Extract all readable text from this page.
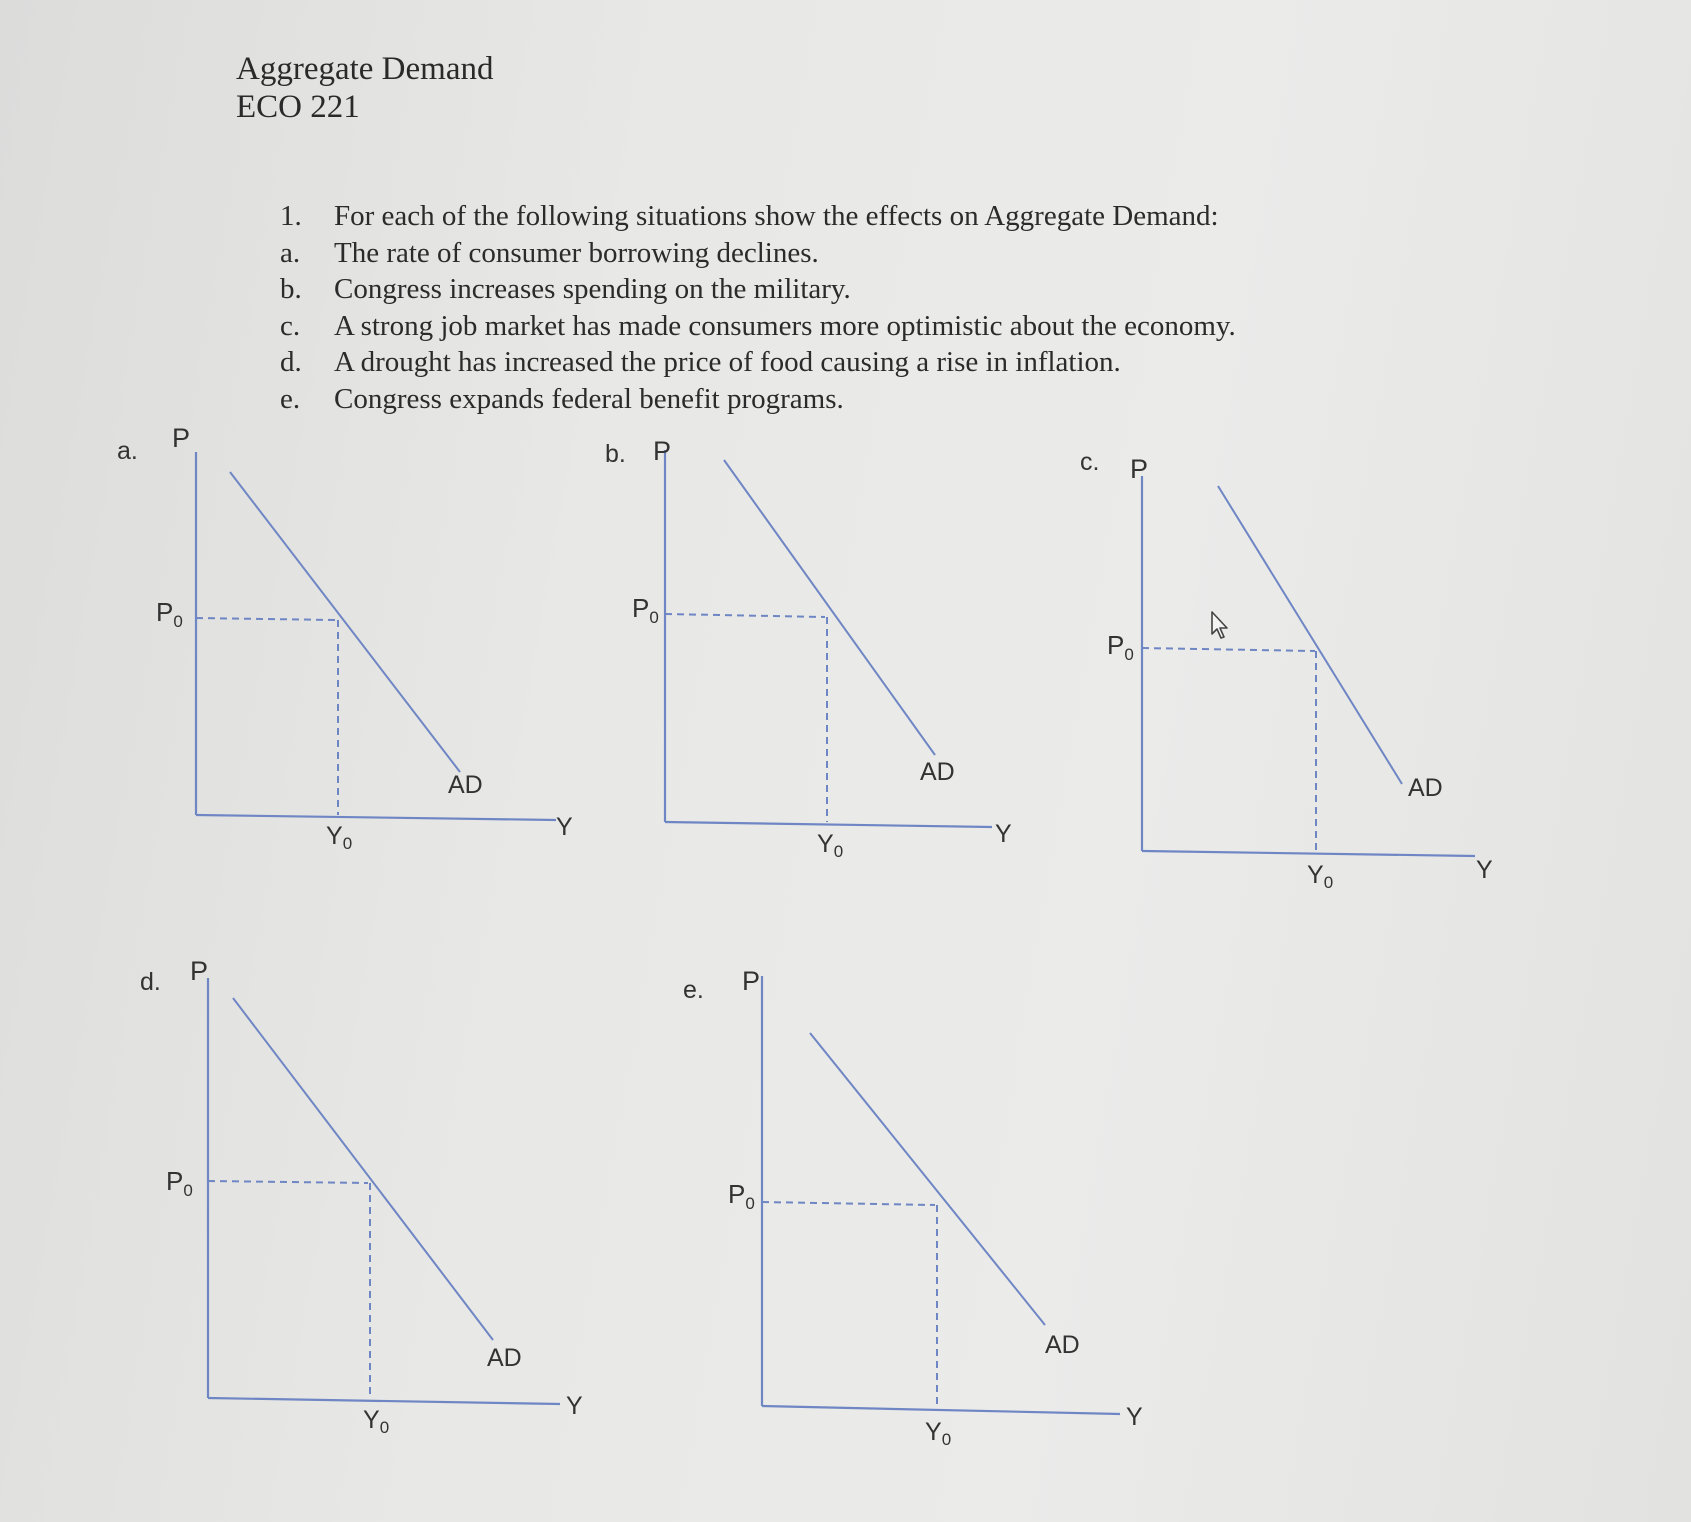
Aggregate Demand
ECO 221
1.	For each of the following situations show the effects on Aggregate Demand:
a.	The rate of consumer borrowing declines.
b.	Congress increases spending on the military.
c.	A strong job market has made consumers more optimistic about the economy.
d.	A drought has increased the price of food causing a rise in inflation.
e.	Congress expands federal benefit programs.
a.	b.	c.
d.	e.
P
Y
AD
$P_0$
$Y_0$
P
Y
AD
$P_0$
$Y_0$
P
Y
AD
$P_0$
$Y_0$
P
Y
AD
$P_0$
$Y_0$
P
Y
AD
$P_0$
$Y_0$
